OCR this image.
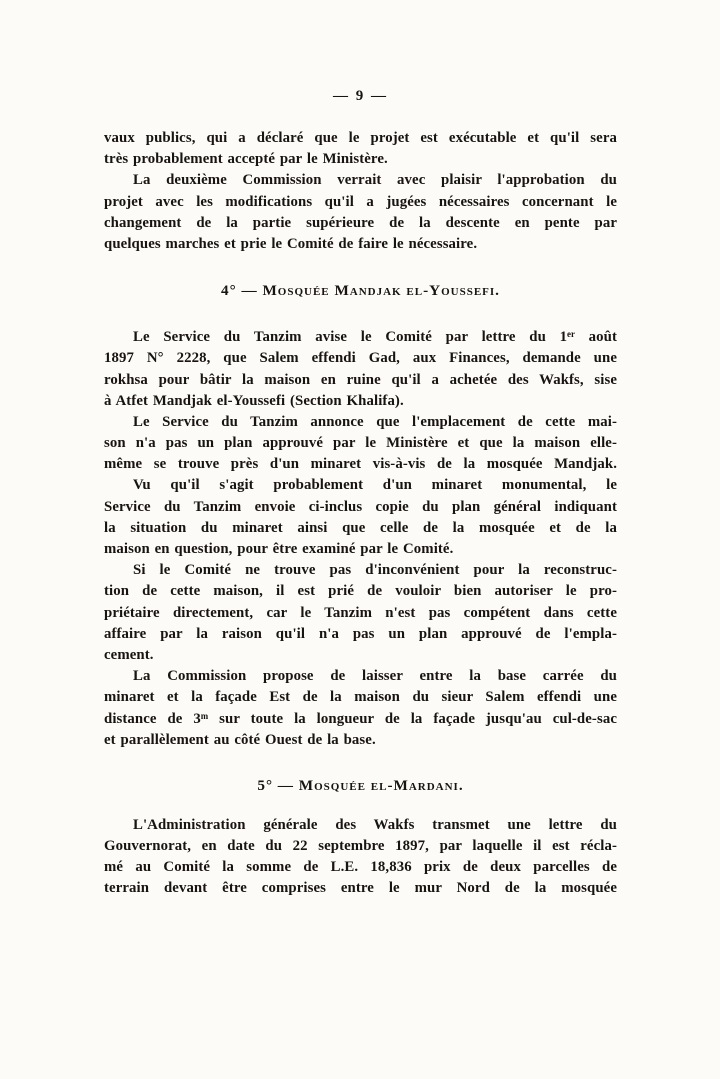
— 9 —
vaux publics, qui a déclaré que le projet est exécutable et qu'il sera
très probablement accepté par le Ministère.
La deuxième Commission verrait avec plaisir l'approbation du
projet avec les modifications qu'il a jugées nécessaires concernant le
changement de la partie supérieure de la descente en pente par
quelques marches et prie le Comité de faire le nécessaire.
4° — Mosquée Mandjak el-Youssefi.
Le Service du Tanzim avise le Comité par lettre du 1ᵉʳ août
1897 N° 2228, que Salem effendi Gad, aux Finances, demande une
rokhsa pour bâtir la maison en ruine qu'il a achetée des Wakfs, sise
à Atfet Mandjak el-Youssefi (Section Khalifa).
Le Service du Tanzim annonce que l'emplacement de cette mai-
son n'a pas un plan approuvé par le Ministère et que la maison elle-
même se trouve près d'un minaret vis-à-vis de la mosquée Mandjak.
Vu qu'il s'agit probablement d'un minaret monumental, le
Service du Tanzim envoie ci-inclus copie du plan général indiquant
la situation du minaret ainsi que celle de la mosquée et de la
maison en question, pour être examiné par le Comité.
Si le Comité ne trouve pas d'inconvénient pour la reconstruc-
tion de cette maison, il est prié de vouloir bien autoriser le pro-
priétaire directement, car le Tanzim n'est pas compétent dans cette
affaire par la raison qu'il n'a pas un plan approuvé de l'empla-
cement.
La Commission propose de laisser entre la base carrée du
minaret et la façade Est de la maison du sieur Salem effendi une
distance de 3ᵐ sur toute la longueur de la façade jusqu'au cul-de-sac
et parallèlement au côté Ouest de la base.
5° — Mosquée el-Mardani.
L'Administration générale des Wakfs transmet une lettre du
Gouvernorat, en date du 22 septembre 1897, par laquelle il est récla-
mé au Comité la somme de L.E. 18,836 prix de deux parcelles de
terrain devant être comprises entre le mur Nord de la mosquée
